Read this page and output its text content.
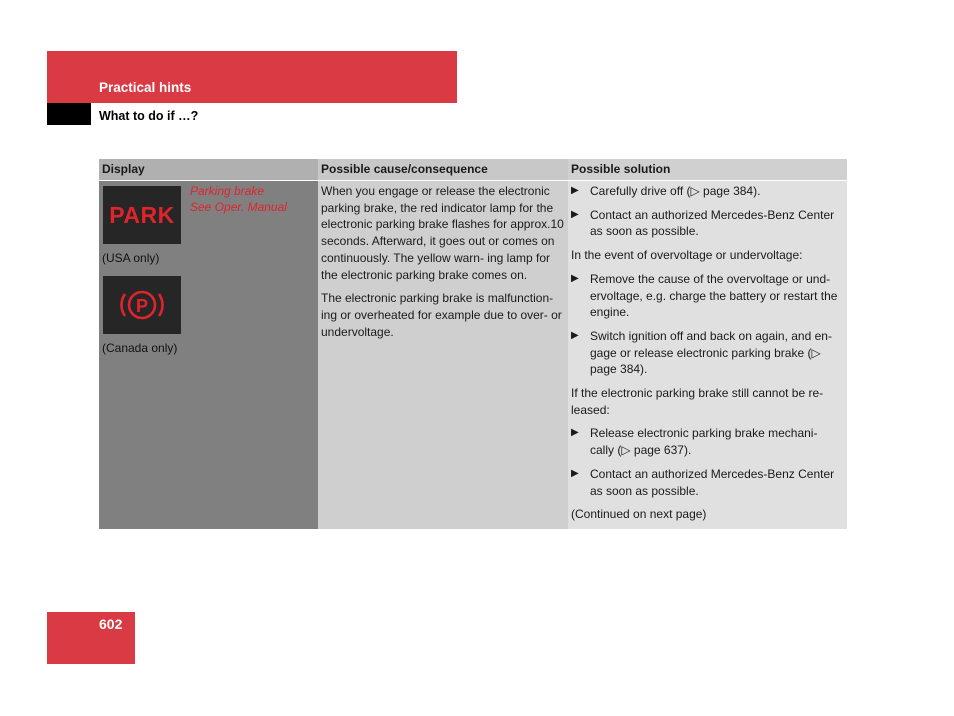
Practical hints
What to do if …?
PARK
Parking brake
See Oper. Manual
(USA only)
P
(Canada only)

When you engage or release the electronic parking brake, the red indicator lamp for the electronic parking brake flashes for approx.10 seconds. Afterward, it goes out or comes on continuously. The yellow warn- ing lamp for the electronic parking brake comes on.

The electronic parking brake is malfunction- ing or overheated for example due to over- or undervoltage.

▶ Carefully drive off (▷ page 384).
▶ Contact an authorized Mercedes-Benz Center as soon as possible.

In the event of overvoltage or undervoltage:

▶ Remove the cause of the overvoltage or und- ervoltage, e.g. charge the battery or restart the engine.
▶ Switch ignition off and back on again, and en- gage or release electronic parking brake (▷ page 384).

If the electronic parking brake still cannot be re- leased:

▶ Release electronic parking brake mechani- cally (▷ page 637).
▶ Contact an authorized Mercedes-Benz Center as soon as possible.

(Continued on next page)

Display	Possible cause/consequence	Possible solution
602
